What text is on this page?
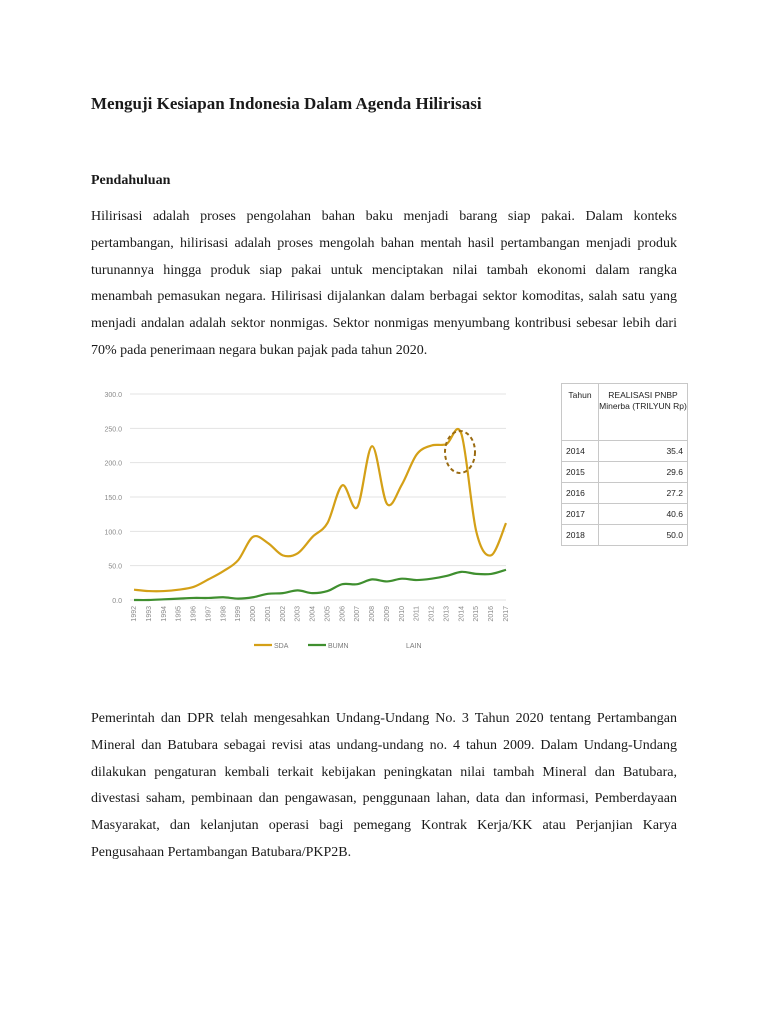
Menguji Kesiapan Indonesia Dalam Agenda Hilirisasi
Pendahuluan
Hilirisasi adalah proses pengolahan bahan baku menjadi barang siap pakai. Dalam konteks pertambangan, hilirisasi adalah proses mengolah bahan mentah hasil pertambangan menjadi produk turunannya hingga produk siap pakai untuk menciptakan nilai tambah ekonomi dalam rangka menambah pemasukan negara. Hilirisasi dijalankan dalam berbagai sektor komoditas, salah satu yang menjadi andalan adalah sektor nonmigas. Sektor nonmigas menyumbang kontribusi sebesar lebih dari 70% pada penerimaan negara bukan pajak pada tahun 2020.
300.0
250.0
200.0
150.0
100.0
50.0
0.0
1992 1993 1994 1995 1996 1997 1998 1999 2000 2001 2002 2003 2004 2005 2006 2007 2008 2009 2010 2011 2012 2013 2014 2015 2016 2017
SDA	BUMN	LAIN
Tahun	REALISASI PNBP Minerba (TRILYUN Rp)
2014	35.4
2015	29.6
2016	27.2
2017	40.6
2018	50.0
Pemerintah dan DPR telah mengesahkan Undang-Undang No. 3 Tahun 2020 tentang Pertambangan Mineral dan Batubara sebagai revisi atas undang-undang no. 4 tahun 2009. Dalam Undang-Undang dilakukan pengaturan kembali terkait kebijakan peningkatan nilai tambah Mineral dan Batubara, divestasi saham, pembinaan dan pengawasan, penggunaan lahan, data dan informasi, Pemberdayaan Masyarakat, dan kelanjutan operasi bagi pemegang Kontrak Kerja/KK atau Perjanjian Karya Pengusahaan Pertambangan Batubara/PKP2B.
